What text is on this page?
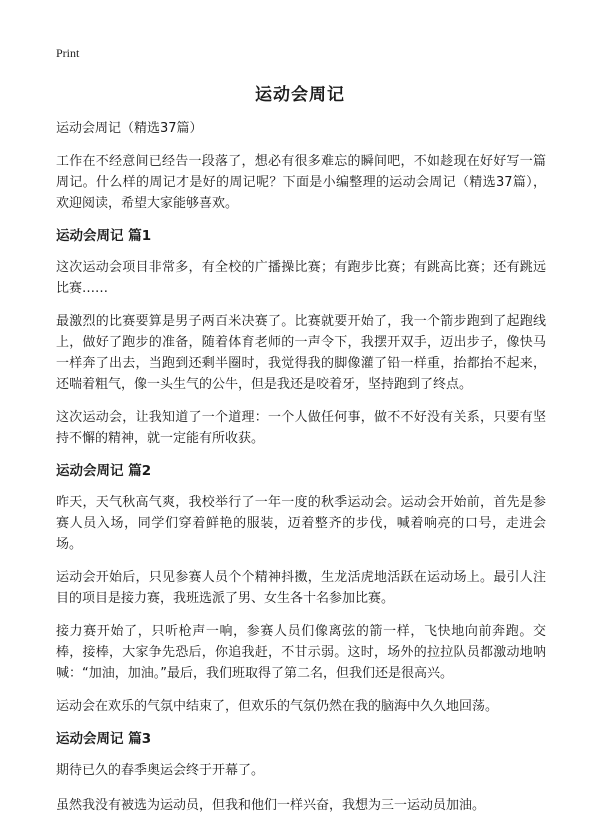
Print
运动会周记

运动会周记（精选37篇）

工作在不经意间已经告一段落了，想必有很多难忘的瞬间吧，不如趁现在好好写一篇周记。什么样的周记才是好的周记呢？下面是小编整理的运动会周记（精选37篇），欢迎阅读，希望大家能够喜欢。

运动会周记 篇1

这次运动会项目非常多，有全校的广播操比赛；有跑步比赛；有跳高比赛；还有跳远比赛……

最激烈的比赛要算是男子两百米决赛了。比赛就要开始了，我一个箭步跑到了起跑线上，做好了跑步的准备，随着体育老师的一声令下，我摆开双手，迈出步子，像快马一样奔了出去，当跑到还剩半圈时，我觉得我的脚像灌了铅一样重，抬都抬不起来，还喘着粗气，像一头生气的公牛，但是我还是咬着牙，坚持跑到了终点。

这次运动会，让我知道了一个道理：一个人做任何事，做不不好没有关系，只要有坚持不懈的精神，就一定能有所收获。

运动会周记 篇2

昨天，天气秋高气爽，我校举行了一年一度的秋季运动会。运动会开始前，首先是参赛人员入场，同学们穿着鲜艳的服装，迈着整齐的步伐，喊着响亮的口号，走进会场。

运动会开始后，只见参赛人员个个精神抖擞，生龙活虎地活跃在运动场上。最引人注目的项目是接力赛，我班选派了男、女生各十名参加比赛。

接力赛开始了，只听枪声一响，参赛人员们像离弦的箭一样，飞快地向前奔跑。交棒，接棒，大家争先恐后，你追我赶，不甘示弱。这时，场外的拉拉队员都激动地呐喊：“加油，加油。”最后，我们班取得了第二名，但我们还是很高兴。

运动会在欢乐的气氛中结束了，但欢乐的气氛仍然在我的脑海中久久地回荡。

运动会周记 篇3

期待已久的春季奥运会终于开幕了。

虽然我没有被选为运动员，但我和他们一样兴奋，我想为三一运动员加油。
